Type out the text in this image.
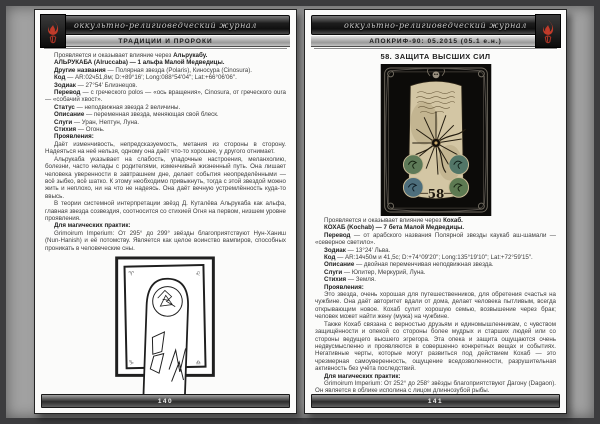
оккультно-религиоведческий журнал
ТРАДИЦИИ И ПРОРОКИ

Проявляется и оказывает влияние через Альрукабу.

АЛЬРУКАБА (Alruccaba) — 1 альфа Малой Медведицы.

Другие названия — Полярная звезда (Polaris), Киносура (Cinosura).

Код — AR:02ч51,8м; D:+89°16′; Long:088°54′04″; Lat:+66°06′06″.

Зодиак — 27°54′ Близнецов.

Перевод — с греческого polos — «ось вращения», Cinosura, от греческого oura — «собачий хвост».

Статус — неподвижная звезда 2 величины.

Описание — переменная звезда, меняющая свой блеск.

Слуги — Уран, Нептун, Луна.

Стихия — Огонь.

Проявления:

Даёт изменчивость, непредсказуемость, метания из стороны в сторону. Надеяться на неё нельзя, одному она даёт что-то хорошее, у другого отнимает.

Альрукаба указывает на слабость, упадочные настроения, меланхолию, болезни, часто нелады с родителями, изменчивый жизненный путь. Она лишает человека уверенности в завтрашнем дне, делает события неопределёнными — всё зыбко, всё шатко. К этому необходимо привыкнуть, тогда с этой звездой можно жить и неплохо, ни на что не надеясь. Она даёт вечную устремлённость куда-то ввысь.

В теории системной интерпретации звёзд Д. Куталёва Альрукаба как альфа, главная звезда созвездия, соотносится со стихией Огня на первом, низшем уровне проявления.

Для магических практик:

Grimoirum Imperium: От 295° до 299° звёзды благоприятствуют Нун-Ханиш (Nun-Hanish) и её потомству. Является как целое воинство вампиров, способных проникать в человеческие сны.

♈	♌
♑	♎
140
оккультно-религиоведческий журнал
АПОКРИФ-90: 05.2015 (05.1 е.н.)
58. ЗАЩИТА ВЫСШИХ СИЛ
58

Проявляется и оказывает влияние через Кохаб.

КОХАБ (Kochab) — 7 бета Малой Медведицы.

Перевод — от арабского названия Полярной звезды каукаб аш-шамали — «северное светило».

Зодиак — 13°24′ Льва.

Код — AR:14ч50м и 41,5с; D:+74°09′20″; Long:135°19′10″; Lat:+72°59′15″.

Описание — двойная переменчивая неподвижная звезда.

Слуги — Юпитер, Меркурий, Луна.

Стихия — Земля.

Проявления:

Это звезда, очень хорошая для путешественников, для обретения счастья на чужбине. Она даёт авторитет вдали от дома, делает человека пытливым, всегда открывающим новое. Кохаб сулит хорошую семью, возвышение через брак; человек может найти жену (мужа) на чужбине.

Также Кохаб связана с верностью друзьям и единомышленникам, с чувством защищённости и опекой со стороны более мудрых и старших людей или со стороны ведущего высшего эгрегора. Эта опека и защита ощущаются очень недвусмысленно и проявляются в совершенно конкретных вещах и событиях. Негативные черты, которые могут развиться под действием Кохаб — это чрезмерная самоуверенность, ощущение вседозволенности, разрушительная активность без учёта последствий.

Для магических практик:

Grimoirum Imperium: От 252° до 258° звёзды благоприятствуют Дагону (Dagaon). Он является в облике исполина с лицом длиннозубой рыбы.

141
